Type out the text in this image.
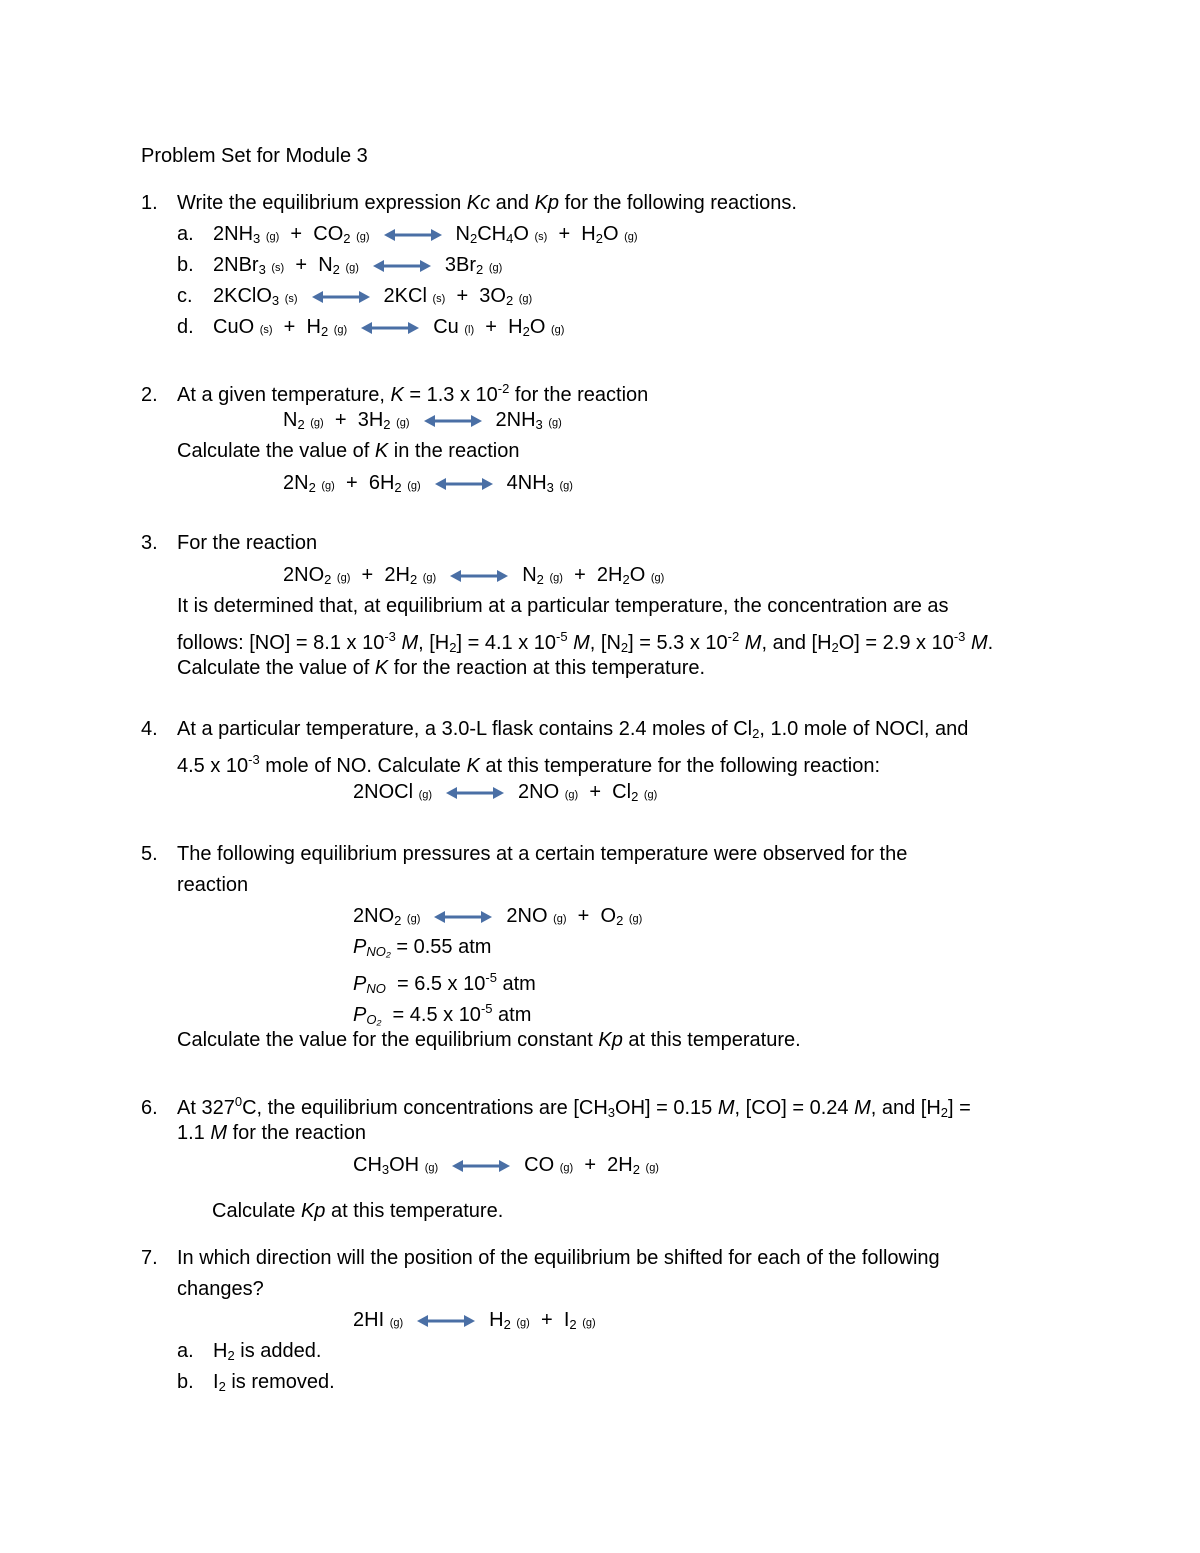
Problem Set for Module 3
1. Write the equilibrium expression Kc and Kp for the following reactions.
a. $2NH_3$ $(g) + CO_2$ (g)	$N_2CH_4O$ $(s) + H_2O$ (g)
b. 2NBr$_3$ $(s) + N_2$ (g)	$3Br_2$ (g)
c. 2KClO$_3$ (s)	2KCl $(s) + 3O_2$ (g)
d. CuO $(s) + H_2$ (g)	Cu $(l) + H_2O$ (g)
2. At a given temperature, K = 1.3 x $10^{-2}$ for the reaction
$N_2$ $(g) + 3H_2$ (g)	$2NH_3$ (g)
Calculate the value of K in the reaction
$2N_2$ $(g) + 6H_2$ (g)	$4NH_3$ (g)
3. For the reaction
$2NO_2$ $(g) + 2H_2$ (g)	$N_2$ $(g) + 2H_2O$ (g)
It is determined that, at equilibrium at a particular temperature, the concentration are as
follows: [NO] = 8.1 x $10^{-3}$ M, $[H_2] = 4.1$ x $10^{-5}$ M, $[N_2] = 5.3$ x $10^{-2}$ M, and $[H_2O] = 2.9$ x $10^{-3}$ M.
Calculate the value of K for the reaction at this temperature.
4. At a particular temperature, a 3.0-L flask contains 2.4 moles of $Cl_2$, 1.0 mole of NOCl, and
4.5 x $10^{-3}$ mole of NO. Calculate K at this temperature for the following reaction:
2NOCl (g)	2NO $(g) + Cl_2$ (g)
5. The following equilibrium pressures at a certain temperature were observed for the
reaction
$2NO_2$ (g)	2NO $(g) + O_2$ (g)
$P_{NO_2} = 0.55$ atm
$P_{NO} = 6.5$ x $10^{-5}$ atm
$P_{O_2} = 4.5$ x $10^{-5}$ atm
Calculate the value for the equilibrium constant Kp at this temperature.
6. At $327^0C$, the equilibrium concentrations are $[CH_3OH] = 0.15$ M, [CO] = 0.24 M, and $[H_2]$ =
1.1 M for the reaction
$CH_3OH$ (g)	CO $(g) + 2H_2$ (g)
Calculate Kp at this temperature.
7. In which direction will the position of the equilibrium be shifted for each of the following
changes?
2HI (g)	$H_2$ $(g) + I_2$ (g)
a. $H_2$ is added.
b. $I_2$ is removed.
